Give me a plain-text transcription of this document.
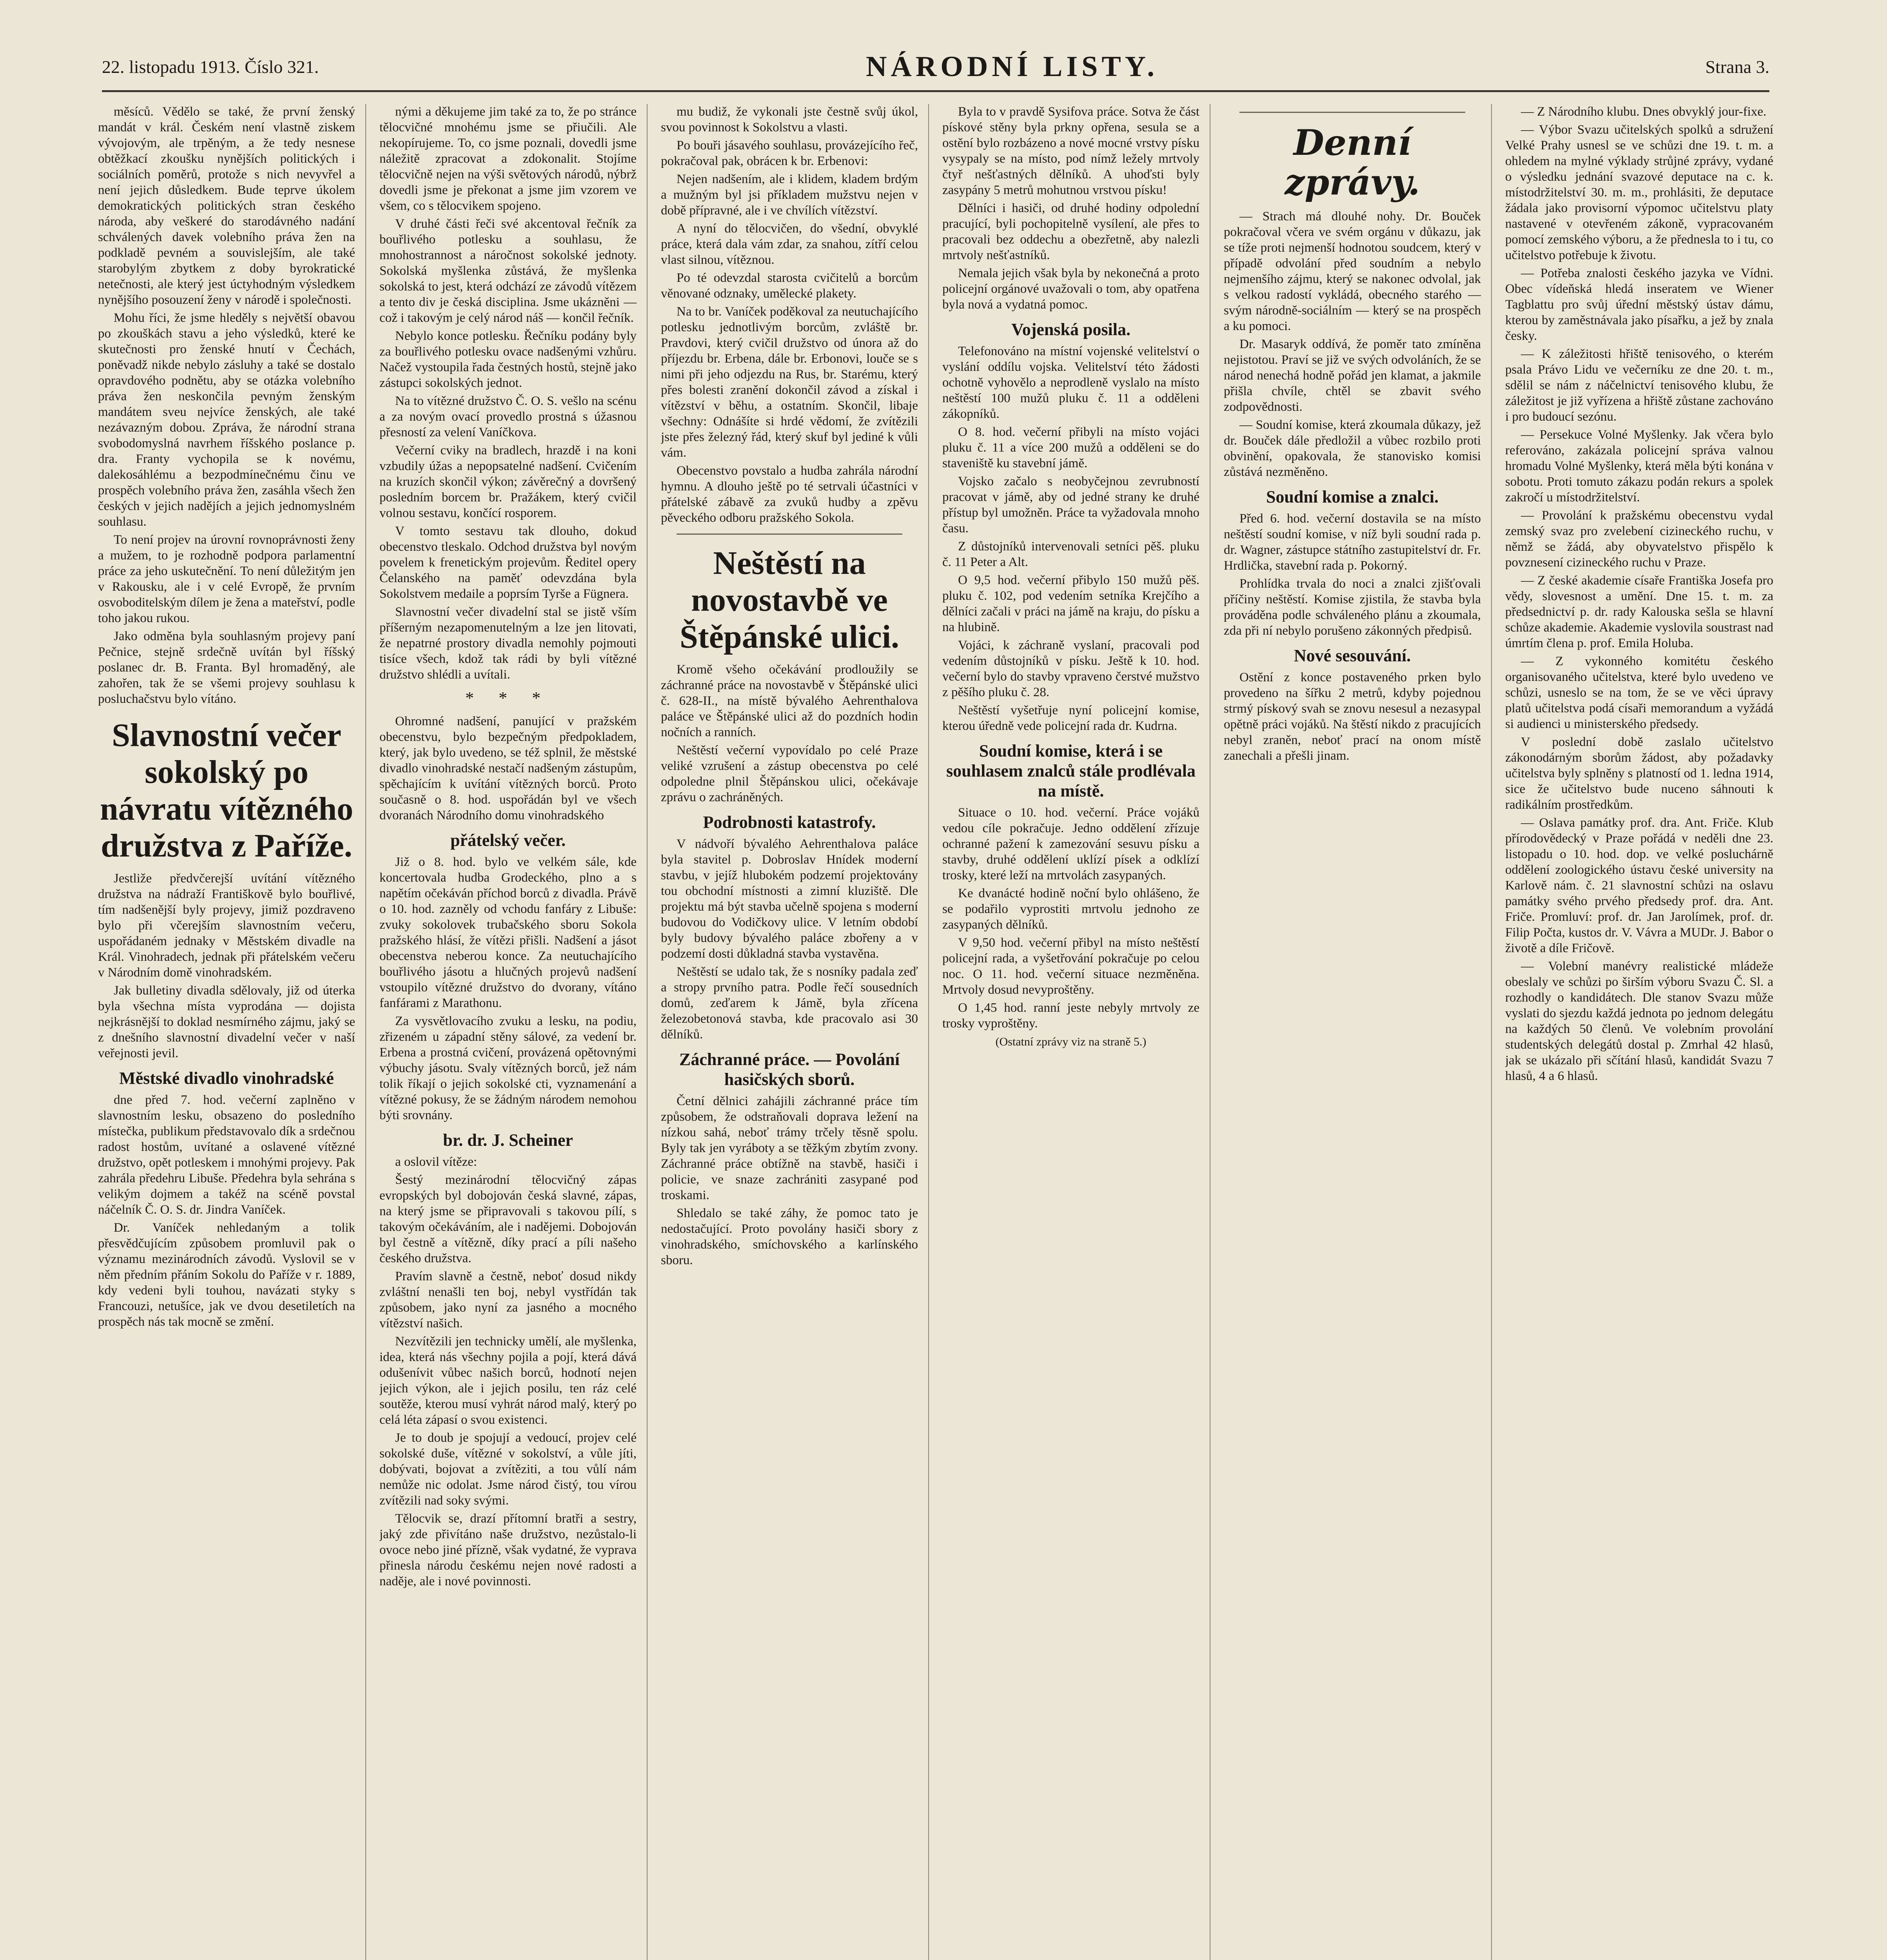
22. listopadu 1913. Číslo 321.	NÁRODNÍ LISTY.	Strana 3.

měsíců. Vědělo se také, že první ženský mandát v král. Českém není vlastně ziskem vývojovým, ale trpěným, a že tedy nesnese obtěžkací zkoušku nynějších politických i sociálních poměrů, protože s nich nevyvřel a není jejich důsledkem. Bude teprve úkolem demokratických politických stran českého národa, aby veškeré do starodávného nadání schválených davek volebního práva žen na podkladě pevném a souvislejším, ale také starobylým zbytkem z doby byrokratické netečnosti, ale který jest úctyhodným výsledkem nynějšího posouzení ženy v národě i společnosti.

Mohu říci, že jsme hleděly s největší obavou po zkouškách stavu a jeho výsledků, které ke skutečnosti pro ženské hnutí v Čechách, poněvadž nikde nebylo zásluhy a také se dostalo opravdového podnětu, aby se otázka volebního práva žen neskončila pevným ženským mandátem sveu nejvíce ženských, ale také nezávazným dobou. Zpráva, že národní strana svobodomyslná navrhem říšského poslance p. dra. Franty vychopila se k novému, dalekosáhlému a bezpodmínečnému činu ve prospěch volebního práva žen, zasáhla všech žen českých v jejich nadějích a jejich jednomyslném souhlasu.

To není projev na úrovní rovnoprávnosti ženy a mužem, to je rozhodně podpora parlamentní práce za jeho uskutečnění. To není důležitým jen v Rakousku, ale i v celé Evropě, že prvním osvoboditelským dílem je žena a mateřství, podle toho jakou rukou.

Jako odměna byla souhlasným projevy paní Pečnice, stejně srdečně uvítán byl říšský poslanec dr. B. Franta. Byl hromaděný, ale zahořen, tak že se všemi projevy souhlasu k posluchačstvu bylo vítáno.

Slavnostní večer sokolský po návratu vítězného družstva z Paříže.

Jestliže předvčerejší uvítání vítězného družstva na nádraží Františkově bylo bouřlivé, tím nadšenější byly projevy, jimiž pozdraveno bylo při včerejším slavnostním večeru, uspořádaném jednaky v Městském divadle na Král. Vinohradech, jednak při přátelském večeru v Národním domě vinohradském.

Jak bulletiny divadla sdělovaly, již od úterka byla všechna místa vyprodána — dojista nejkrásnější to doklad nesmírného zájmu, jaký se z dnešního slavnostní divadelní večer v naší veřejnosti jevil.

Městské divadlo vinohradské

dne před 7. hod. večerní zaplněno v slavnostním lesku, obsazeno do posledního místečka, publikum představovalo dík a srdečnou radost hostům, uvítané a oslavené vítězné družstvo, opět potleskem i mnohými projevy. Pak zahrála předehru Libuše. Předehra byla sehrána s velikým dojmem a takéž na scéně povstal náčelník Č. O. S. dr. Jindra Vaníček.

Dr. Vaníček nehledaným a tolik přesvědčujícím způsobem promluvil pak o významu mezinárodních závodů. Vyslovil se v něm předním přáním Sokolu do Paříže v r. 1889, kdy vedeni byli touhou, navázati styky s Francouzi, netušíce, jak ve dvou desetiletích na prospěch nás tak mocně se změní.

nými a děkujeme jim také za to, že po stránce tělocvičné mnohému jsme se přiučili. Ale nekopírujeme. To, co jsme poznali, dovedli jsme náležitě zpracovat a zdokonalit. Stojíme tělocvičně nejen na výši světových národů, nýbrž dovedli jsme je překonat a jsme jim vzorem ve všem, co s tělocvikem spojeno.

V druhé části řeči své akcentoval řečník za bouřlivého potlesku a souhlasu, že mnohostrannost a náročnost sokolské jednoty. Sokolská myšlenka zůstává, že myšlenka sokolská to jest, která odchází ze závodů vítězem a tento div je česká disciplina. Jsme ukázněni — což i takovým je celý národ náš — končil řečník.

Nebylo konce potlesku. Řečníku podány byly za bouřlivého potlesku ovace nadšenými vzhůru. Načež vystoupila řada čestných hostů, stejně jako zástupci sokolských jednot.

Na to vítězné družstvo Č. O. S. vešlo na scénu a za novým ovací provedlo prostná s úžasnou přesností za velení Vaníčkova.

Večerní cviky na bradlech, hrazdě i na koni vzbudily úžas a nepopsatelné nadšení. Cvičením na kruzích skončil výkon; závěrečný a dovršený posledním borcem br. Pražákem, který cvičil volnou sestavu, končící rosporem.

V tomto sestavu tak dlouho, dokud obecenstvo tleskalo. Odchod družstva byl novým povelem k frenetickým projevům. Ředitel opery Čelanského na paměť odevzdána byla Sokolstvem medaile a poprsím Tyrše a Fügnera.

Slavnostní večer divadelní stal se jistě vším příšerným nezapomenutelným a lze jen litovati, že nepatrné prostory divadla nemohly pojmouti tisíce všech, kdož tak rádi by byli vítězné družstvo shlédli a uvítali.

* * *

Ohromné nadšení, panující v pražském obecenstvu, bylo bezpečným předpokladem, který, jak bylo uvedeno, se též splnil, že městské divadlo vinohradské nestačí nadšeným zástupům, spěchajícím k uvítání vítězných borců. Proto současně o 8. hod. uspořádán byl ve všech dvoranách Národního domu vinohradského

přátelský večer.

Již o 8. hod. bylo ve velkém sále, kde koncertovala hudba Grodeckého, plno a s napětím očekáván příchod borců z divadla. Právě o 10. hod. zazněly od vchodu fanfáry z Libuše: zvuky sokolovek trubačského sboru Sokola pražského hlásí, že vítězi přišli. Nadšení a jásot obecenstva neberou konce. Za neutuchajícího bouřlivého jásotu a hlučných projevů nadšení vstoupilo vítězné družstvo do dvorany, vítáno fanfárami z Marathonu.

Za vysvětlovacího zvuku a lesku, na podiu, zřizeném u západní stěny sálové, za vedení br. Erbena a prostná cvičení, provázená opětovnými výbuchy jásotu. Svaly vítězných borců, jež nám tolik říkají o jejich sokolské cti, vyznamenání a vítězné pokusy, že se žádným národem nemohou býti srovnány.

br. dr. J. Scheiner

a oslovil vítěze:

Šestý mezinárodní tělocvičný zápas evropských byl dobojován česká slavné, zápas, na který jsme se připravovali s takovou pílí, s takovým očekáváním, ale i nadějemi. Dobojován byl čestně a vítězně, díky prací a píli našeho českého družstva.

Pravím slavně a čestně, neboť dosud nikdy zvláštní nenašli ten boj, nebyl vystřídán tak způsobem, jako nyní za jasného a mocného vítězství našich.

Nezvítězili jen technicky umělí, ale myšlenka, idea, která nás všechny pojila a pojí, která dává odušenívit vůbec našich borců, hodnotí nejen jejich výkon, ale i jejich posilu, ten ráz celé soutěže, kterou musí vyhrát národ malý, který po celá léta zápasí o svou existenci.

Je to doub je spojují a vedoucí, projev celé sokolské duše, vítězné v sokolství, a vůle jíti, dobývati, bojovat a zvítěziti, a tou vůlí nám nemůže nic odolat. Jsme národ čistý, tou vírou zvítězili nad soky svými.

Tělocvik se, drazí přítomní bratři a sestry, jaký zde přivítáno naše družstvo, nezůstalo-li ovoce nebo jiné přízně, však vydatné, že vyprava přinesla národu českému nejen nové radosti a naděje, ale i nové povinnosti.

mu budiž, že vykonali jste čestně svůj úkol, svou povinnost k Sokolstvu a vlasti.

Po bouři jásavého souhlasu, provázejícího řeč, pokračoval pak, obrácen k br. Erbenovi:

Nejen nadšením, ale i klidem, kladem brdým a mužným byl jsi příkladem mužstvu nejen v době přípravné, ale i ve chvílích vítězství.

A nyní do tělocvičen, do všední, obvyklé práce, která dala vám zdar, za snahou, zítří celou vlast silnou, vítěznou.

Po té odevzdal starosta cvičitelů a borcům věnované odznaky, umělecké plakety.

Na to br. Vaníček poděkoval za neutuchajícího potlesku jednotlivým borcům, zvláště br. Pravdovi, který cvičil družstvo od února až do příjezdu br. Erbena, dále br. Erbonovi, louče se s nimi při jeho odjezdu na Rus, br. Starému, který přes bolesti zranění dokončil závod a získal i vítězství v běhu, a ostatním. Skončil, libaje všechny: Odnášíte si hrdé vědomí, že zvítězili jste přes železný řád, který skuf byl jediné k vůli vám.

Obecenstvo povstalo a hudba zahrála národní hymnu. A dlouho ještě po té setrvali účastníci v přátelské zábavě za zvuků hudby a zpěvu pěveckého odboru pražského Sokola.

Neštěstí na novostavbě ve Štěpánské ulici.

Kromě všeho očekávání prodloužily se záchranné práce na novostavbě v Štěpánské ulici č. 628-II., na místě bývalého Aehrenthalova paláce ve Štěpánské ulici až do pozdních hodin nočních a ranních.

Neštěstí večerní vypovídalo po celé Praze veliké vzrušení a zástup obecenstva po celé odpoledne plnil Štěpánskou ulici, očekávaje zprávu o zachráněných.

Podrobnosti katastrofy.

V nádvoří bývalého Aehrenthalova paláce byla stavitel p. Dobroslav Hnídek moderní stavbu, v jejíž hlubokém podzemí projektovány tou obchodní místnosti a zimní kluziště. Dle projektu má být stavba učelně spojena s moderní budovou do Vodičkovy ulice. V letním období byly budovy bývalého paláce zbořeny a v podzemí dosti důkladná stavba vystavěna.

Neštěstí se udalo tak, že s nosníky padala zeď a stropy prvního patra. Podle řečí sousedních domů, zeďarem k Jámě, byla zřícena železobetonová stavba, kde pracovalo asi 30 dělníků.

Záchranné práce. — Povolání hasičských sborů.

Četní dělnici zahájili záchranné práce tím způsobem, že odstraňovali doprava ležení na nízkou sahá, neboť trámy trčely těsně spolu. Byly tak jen vyráboty a se těžkým zbytím zvony. Záchranné práce obtížně na stavbě, hasiči i policie, ve snaze zachrániti zasypané pod troskami.

Shledalo se také záhy, že pomoc tato je nedostačující. Proto povolány hasiči sbory z vinohradského, smíchovského a karlínského sboru.

Byla to v pravdě Sysifova práce. Sotva že část pískové stěny byla prkny opřena, sesula se a ostění bylo rozbázeno a nové mocné vrstvy písku vysypaly se na místo, pod nímž ležely mrtvoly čtyř nešťastných dělníků. A uhoďsti byly zasypány 5 metrů mohutnou vrstvou písku!

Dělníci i hasiči, od druhé hodiny odpolední pracující, byli pochopitelně vysílení, ale přes to pracovali bez oddechu a obezřetně, aby nalezli mrtvoly nešťastníků.

Nemala jejich však byla by nekonečná a proto policejní orgánové uvažovali o tom, aby opatřena byla nová a vydatná pomoc.

Vojenská posila.

Telefonováno na místní vojenské velitelství o vyslání oddílu vojska. Velitelství této žádosti ochotně vyhovělo a neprodleně vyslalo na místo neštěstí 100 mužů pluku č. 11 a odděleni zákopníků.

O 8. hod. večerní přibyli na místo vojáci pluku č. 11 a více 200 mužů a odděleni se do staveniště ku stavební jámě.

Vojsko začalo s neobyčejnou zevrubností pracovat v jámě, aby od jedné strany ke druhé přístup byl umožněn. Práce ta vyžadovala mnoho času.

Z důstojníků intervenovali setníci pěš. pluku č. 11 Peter a Alt.

O 9,5 hod. večerní přibylo 150 mužů pěš. pluku č. 102, pod vedením setníka Krejčího a dělníci začali v práci na jámě na kraju, do písku a na hlubině.

Vojáci, k záchraně vyslaní, pracovali pod vedením důstojníků v písku. Ještě k 10. hod. večerní bylo do stavby vpraveno čerstvé mužstvo z pěšího pluku č. 28.

Neštěstí vyšetřuje nyní policejní komise, kterou úředně vede policejní rada dr. Kudrna.

Soudní komise, která i se souhlasem znalců stále prodlévala na místě.

Situace o 10. hod. večerní. Práce vojáků vedou cíle pokračuje. Jedno oddělení zřízuje ochranné pažení k zamezování sesuvu písku a stavby, druhé oddělení uklízí písek a odklízí trosky, které leží na mrtvolách zasypaných.

Ke dvanácté hodině noční bylo ohlášeno, že se podařilo vyprostiti mrtvolu jednoho ze zasypaných dělníků.

V 9,50 hod. večerní přibyl na místo neštěstí policejní rada, a vyšetřování pokračuje po celou noc. O 11. hod. večerní situace nezměněna. Mrtvoly dosud nevyproštěny.

O 1,45 hod. ranní jeste nebyly mrtvoly ze trosky vyproštěny.

(Ostatní zprávy viz na straně 5.)
Denní zprávy.

— Strach má dlouhé nohy. Dr. Bouček pokračoval včera ve svém orgánu v důkazu, jak se tíže proti nejmenší hodnotou soudcem, který v případě odvolání před soudním a nebylo nejmenšího zájmu, který se nakonec odvolal, jak s velkou radostí vykládá, obecného starého — svým národně-sociálním — který se na prospěch a ku pomoci.

Dr. Masaryk oddívá, že poměr tato zmíněna nejistotou. Praví se již ve svých odvoláních, že se národ nenechá hodně pořád jen klamat, a jakmile přišla chvíle, chtěl se zbavit svého zodpovědnosti.

— Soudní komise, která zkoumala důkazy, jež dr. Bouček dále předložil a vůbec rozbilo proti obvinění, opakovala, že stanovisko komisi zůstává nezměněno.

Soudní komise a znalci.

Před 6. hod. večerní dostavila se na místo neštěstí soudní komise, v níž byli soudní rada p. dr. Wagner, zástupce státního zastupitelství dr. Fr. Hrdlička, stavební rada p. Pokorný.

Prohlídka trvala do noci a znalci zjišťovali příčiny neštěstí. Komise zjistila, že stavba byla prováděna podle schváleného plánu a zkoumala, zda při ní nebylo porušeno zákonných předpisů.

Nové sesouvání.

Ostění z konce postaveného prken bylo provedeno na šířku 2 metrů, kdyby pojednou strmý pískový svah se znovu nesesul a nezasypal opětně práci vojáků. Na štěstí nikdo z pracujících nebyl zraněn, neboť prací na onom místě zanechali a přešli jinam.

— Z Národního klubu. Dnes obvyklý jour-fixe.

— Výbor Svazu učitelských spolků a sdružení Velké Prahy usnesl se ve schůzi dne 19. t. m. a ohledem na mylné výklady strůjné zprávy, vydané o výsledku jednání svazové deputace na c. k. místodržitelství 30. m. m., prohlásiti, že deputace žádala jako provisorní výpomoc učitelstvu platy nastavené v otevřeném zákoně, vypracovaném pomocí zemského výboru, a že přednesla to i tu, co učitelstvo potřebuje k životu.

— Potřeba znalosti českého jazyka ve Vídni. Obec vídeňská hledá inseratem ve Wiener Tagblattu pro svůj úřední městský ústav dámu, kterou by zaměstnávala jako písařku, a jež by znala česky.

— K záležitosti hřiště tenisového, o kterém psala Právo Lidu ve večerníku ze dne 20. t. m., sdělil se nám z náčelnictví tenisového klubu, že záležitost je již vyřízena a hřiště zůstane zachováno i pro budoucí sezónu.

— Persekuce Volné Myšlenky. Jak včera bylo referováno, zakázala policejní správa valnou hromadu Volné Myšlenky, která měla býti konána v sobotu. Proti tomuto zákazu podán rekurs a spolek zakročí u místodržitelství.

— Provolání k pražskému obecenstvu vydal zemský svaz pro zvelebení cizineckého ruchu, v němž se žádá, aby obyvatelstvo přispělo k povznesení cizineckého ruchu v Praze.

— Z české akademie císaře Františka Josefa pro vědy, slovesnost a umění. Dne 15. t. m. za předsednictví p. dr. rady Kalouska sešla se hlavní schůze akademie. Akademie vyslovila soustrast nad úmrtím člena p. prof. Emila Holuba.

— Z vykonného komitétu českého organisovaného učitelstva, které bylo uvedeno ve schůzi, usneslo se na tom, že se ve věci úpravy platů učitelstva podá císaři memorandum a vyžádá si audienci u ministerského předsedy.

V poslední době zaslalo učitelstvo zákonodárným sborům žádost, aby požadavky učitelstva byly splněny s platností od 1. ledna 1914, sice že učitelstvo bude nuceno sáhnouti k radikálním prostředkům.

— Oslava památky prof. dra. Ant. Friče. Klub přírodovědecký v Praze pořádá v neděli dne 23. listopadu o 10. hod. dop. ve velké posluchárně oddělení zoologického ústavu české university na Karlově nám. č. 21 slavnostní schůzi na oslavu památky svého prvého předsedy prof. dra. Ant. Friče. Promluví: prof. dr. Jan Jarolímek, prof. dr. Filip Počta, kustos dr. V. Vávra a MUDr. J. Babor o životě a díle Fričově.

— Volební manévry realistické mládeže obeslaly ve schůzi po širším výboru Svazu Č. Sl. a rozhodly o kandidátech. Dle stanov Svazu může vyslati do sjezdu každá jednota po jednom delegátu na každých 50 členů. Ve volebním provolání studentských delegátů dostal p. Zmrhal 42 hlasů, jak se ukázalo při sčítání hlasů, kandidát Svazu 7 hlasů, 4 a 6 hlasů.
